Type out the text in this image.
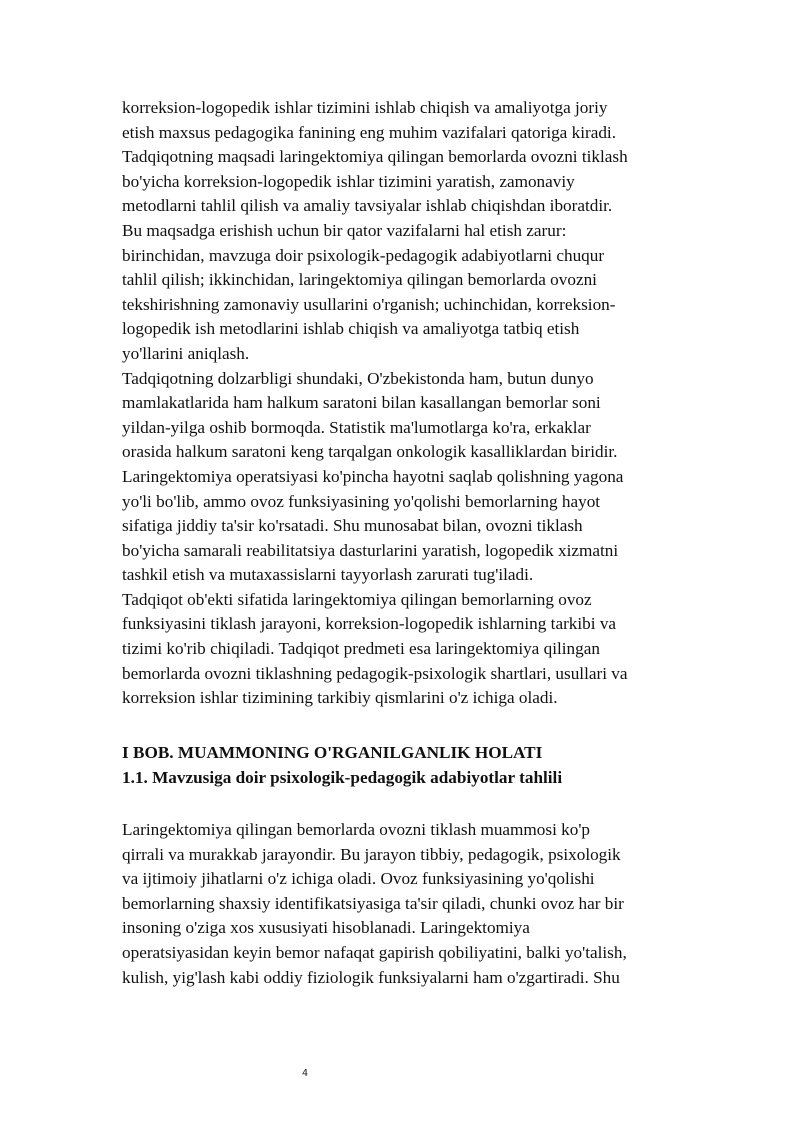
korreksion-logopedik ishlar tizimini ishlab chiqish va amaliyotga joriy
etish maxsus pedagogika fanining eng muhim vazifalari qatoriga kiradi.
Tadqiqotning maqsadi laringektomiya qilingan bemorlarda ovozni tiklash
bo'yicha korreksion-logopedik ishlar tizimini yaratish, zamonaviy
metodlarni tahlil qilish va amaliy tavsiyalar ishlab chiqishdan iboratdir.
Bu maqsadga erishish uchun bir qator vazifalarni hal etish zarur:
birinchidan, mavzuga doir psixologik-pedagogik adabiyotlarni chuqur
tahlil qilish; ikkinchidan, laringektomiya qilingan bemorlarda ovozni
tekshirishning zamonaviy usullarini o'rganish; uchinchidan, korreksion-
logopedik ish metodlarini ishlab chiqish va amaliyotga tatbiq etish
yo'llarini aniqlash.
Tadqiqotning dolzarbligi shundaki, O'zbekistonda ham, butun dunyo
mamlakatlarida ham halkum saratoni bilan kasallangan bemorlar soni
yildan-yilga oshib bormoqda. Statistik ma'lumotlarga ko'ra, erkaklar
orasida halkum saratoni keng tarqalgan onkologik kasalliklardan biridir.
Laringektomiya operatsiyasi ko'pincha hayotni saqlab qolishning yagona
yo'li bo'lib, ammo ovoz funksiyasining yo'qolishi bemorlarning hayot
sifatiga jiddiy ta'sir ko'rsatadi. Shu munosabat bilan, ovozni tiklash
bo'yicha samarali reabilitatsiya dasturlarini yaratish, logopedik xizmatni
tashkil etish va mutaxassislarni tayyorlash zarurati tug'iladi.
Tadqiqot ob'ekti sifatida laringektomiya qilingan bemorlarning ovoz
funksiyasini tiklash jarayoni, korreksion-logopedik ishlarning tarkibi va
tizimi ko'rib chiqiladi. Tadqiqot predmeti esa laringektomiya qilingan
bemorlarda ovozni tiklashning pedagogik-psixologik shartlari, usullari va
korreksion ishlar tizimining tarkibiy qismlarini o'z ichiga oladi.
I BOB. MUAMMONING O'RGANILGANLIK HOLATI
1.1. Mavzusiga doir psixologik-pedagogik adabiyotlar tahlili
Laringektomiya qilingan bemorlarda ovozni tiklash muammosi ko'p
qirrali va murakkab jarayondir. Bu jarayon tibbiy, pedagogik, psixologik
va ijtimoiy jihatlarni o'z ichiga oladi. Ovoz funksiyasining yo'qolishi
bemorlarning shaxsiy identifikatsiyasiga ta'sir qiladi, chunki ovoz har bir
insoning o'ziga xos xususiyati hisoblanadi. Laringektomiya
operatsiyasidan keyin bemor nafaqat gapirish qobiliyatini, balki yo'talish,
kulish, yig'lash kabi oddiy fiziologik funksiyalarni ham o'zgartiradi. Shu
4
